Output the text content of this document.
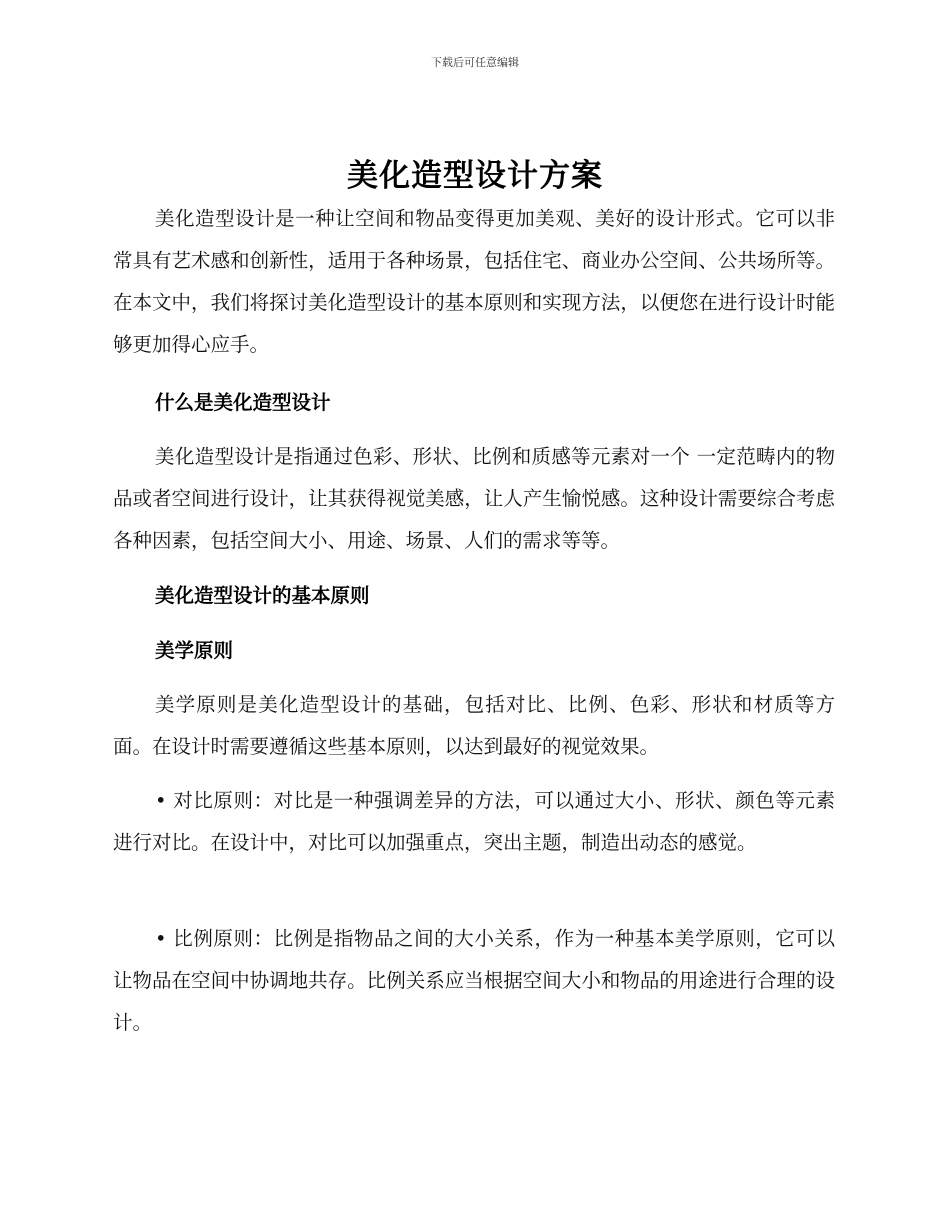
下载后可任意编辑
美化造型设计方案

美化造型设计是一种让空间和物品变得更加美观、美好的设计形式。它可以非常具有艺术感和创新性，适用于各种场景，包括住宅、商业办公空间、公共场所等。在本文中，我们将探讨美化造型设计的基本原则和实现方法，以便您在进行设计时能够更加得心应手。

什么是美化造型设计

美化造型设计是指通过色彩、形状、比例和质感等元素对一个 一定范畴内的物品或者空间进行设计，让其获得视觉美感，让人产生愉悦感。这种设计需要综合考虑各种因素，包括空间大小、用途、场景、人们的需求等等。

美化造型设计的基本原则
美学原则

美学原则是美化造型设计的基础，包括对比、比例、色彩、形状和材质等方面。在设计时需要遵循这些基本原则，以达到最好的视觉效果。

• 对比原则：对比是一种强调差异的方法，可以通过大小、形状、颜色等元素进行对比。在设计中，对比可以加强重点，突出主题，制造出动态的感觉。

• 比例原则：比例是指物品之间的大小关系，作为一种基本美学原则，它可以让物品在空间中协调地共存。比例关系应当根据空间大小和物品的用途进行合理的设计。
